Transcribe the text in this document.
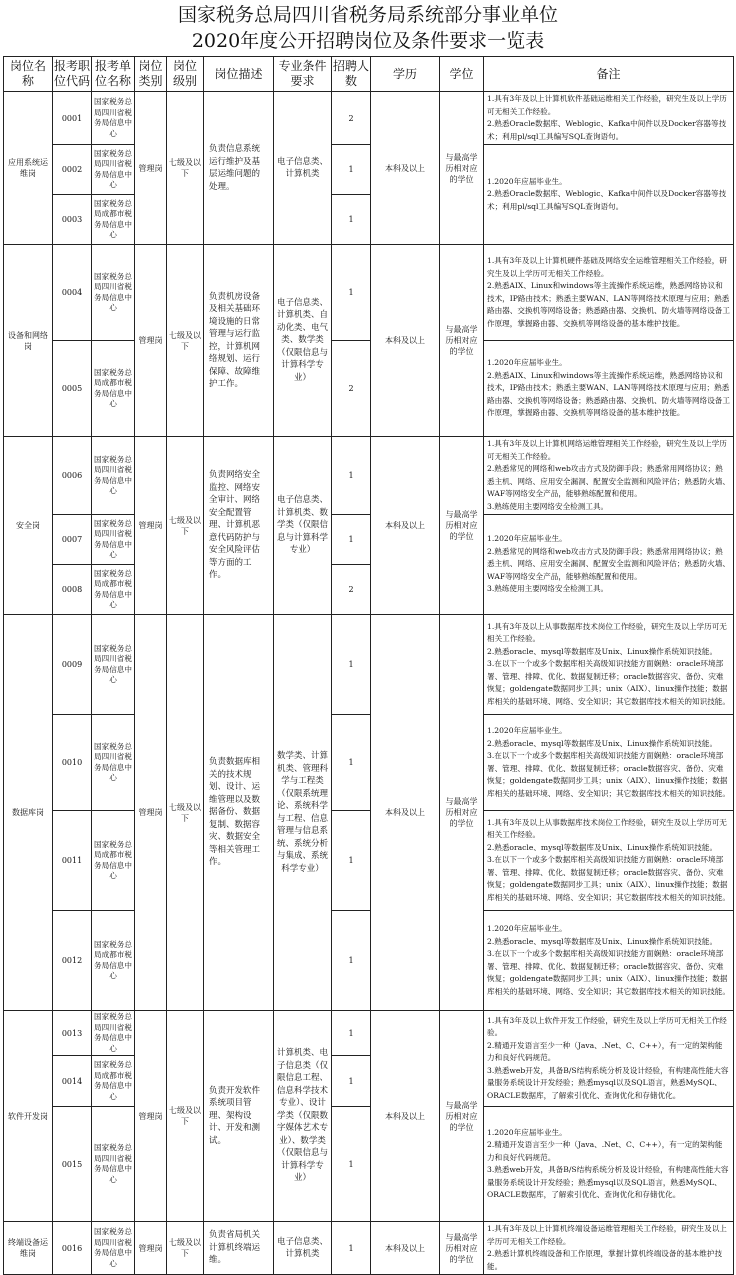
国家税务总局四川省税务局系统部分事业单位
2020年度公开招聘岗位及条件要求一览表
岗位名称	报考职位代码	报考单位名称	岗位类别	岗位级别	岗位描述	专业条件要求	招聘人数	学历	学位	备注
应用系统运维岗	0001	国家税务总局四川省税务局信息中心	管理岗	七级及以下	负责信息系统运行维护及基层运维问题的处理。	电子信息类、计算机类	2	本科及以上	与最高学历相对应的学位	1.具有3年及以上计算机软件基础运维相关工作经验，研究生及以上学历可无相关工作经验。
2.熟悉Oracle数据库、Weblogic、Kafka中间件以及Docker容器等技术；利用pl/sql工具编写SQL查询语句。
	0002	国家税务总局四川省税务局信息中心					1			1.2020年应届毕业生。
2.熟悉Oracle数据库、Weblogic、Kafka中间件以及Docker容器等技术；利用pl/sql工具编写SQL查询语句。
	0003	国家税务总局成都市税务局信息中心					1			
设备和网络岗	0004	国家税务总局四川省税务局信息中心	管理岗	七级及以下	负责机房设备及相关基础环境设施的日常管理与运行监控，计算机网络规划、运行保障、故障维护工作。	电子信息类、计算机类、自动化类、电气类、数学类（仅限信息与计算科学专业）	1	本科及以上	与最高学历相对应的学位	1.具有3年及以上计算机硬件基础及网络安全运维管理相关工作经验，研究生及以上学历可无相关工作经验。
2.熟悉AIX、Linux和windows等主流操作系统运维，熟悉网络协议和技术，IP路由技术；熟悉主要WAN、LAN等网络技术原理与应用；熟悉路由器、交换机等网络设备；熟悉路由器、交换机、防火墙等网络设备工作原理，掌握路由器、交换机等网络设备的基本维护技能。
	0005	国家税务总局成都市税务局信息中心					2			1.2020年应届毕业生。
2.熟悉AIX、Linux和windows等主流操作系统运维，熟悉网络协议和技术，IP路由技术；熟悉主要WAN、LAN等网络技术原理与应用；熟悉路由器、交换机等网络设备；熟悉路由器、交换机、防火墙等网络设备工作原理，掌握路由器、交换机等网络设备的基本维护技能。
安全岗	0006	国家税务总局四川省税务局信息中心	管理岗	七级及以下	负责网络安全监控、网络安全审计、网络安全配置管理、计算机恶意代码防护与安全风险评估等方面的工作。	电子信息类、计算机类、数学类（仅限信息与计算科学专业）	1	本科及以上	与最高学历相对应的学位	1.具有3年及以上计算机网络运维管理相关工作经验，研究生及以上学历可无相关工作经验。
2.熟悉常见的网络和web攻击方式及防御手段；熟悉常用网络协议；熟悉主机、网络、应用安全漏洞、配置安全监测和风险评估；熟悉防火墙、WAF等网络安全产品，能够熟练配置和使用。
3.熟练使用主要网络安全检测工具。
	0007	国家税务总局四川省税务局信息中心					1			1.2020年应届毕业生。
2.熟悉常见的网络和web攻击方式及防御手段；熟悉常用网络协议；熟悉主机、网络、应用安全漏洞、配置安全监测和风险评估；熟悉防火墙、WAF等网络安全产品，能够熟练配置和使用。
3.熟练使用主要网络安全检测工具。
	0008	国家税务总局成都市税务局信息中心					2			
数据库岗	0009	国家税务总局四川省税务局信息中心	管理岗	七级及以下	负责数据库相关的技术规划、设计、运维管理以及数据备份、数据复制、数据容灾、数据安全等相关管理工作。	数学类、计算机类、管理科学与工程类（仅限系统理论、系统科学与工程、信息管理与信息系统、系统分析与集成、系统科学专业）	1	本科及以上	与最高学历相对应的学位	1.具有3年及以上从事数据库技术岗位工作经验，研究生及以上学历可无相关工作经验。
2.熟悉oracle、mysql等数据库及Unix、Linux操作系统知识技能。
3.在以下一个或多个数据库相关高级知识技能方面娴熟：oracle环境部署、管理、排障、优化、数据复制迁移；oracle数据容灾、备份、灾难恢复；goldengate数据同步工具；unix（AIX）、linux操作技能；数据库相关的基础环境、网络、安全知识；其它数据库技术相关的知识技能。
	0010	国家税务总局四川省税务局信息中心					1			1.2020年应届毕业生。
2.熟悉oracle、mysql等数据库及Unix、Linux操作系统知识技能。
3.在以下一个或多个数据库相关高级知识技能方面娴熟：oracle环境部署、管理、排障、优化、数据复制迁移；oracle数据容灾、备份、灾难恢复；goldengate数据同步工具；unix（AIX）、linux操作技能；数据库相关的基础环境、网络、安全知识；其它数据库技术相关的知识技能。
	0011	国家税务总局成都市税务局信息中心					1			1.具有3年及以上从事数据库技术岗位工作经验，研究生及以上学历可无相关工作经验。
2.熟悉oracle、mysql等数据库及Unix、Linux操作系统知识技能。
3.在以下一个或多个数据库相关高级知识技能方面娴熟：oracle环境部署、管理、排障、优化、数据复制迁移；oracle数据容灾、备份、灾难恢复；goldengate数据同步工具；unix（AIX）、linux操作技能；数据库相关的基础环境、网络、安全知识；其它数据库技术相关的知识技能。
	0012	国家税务总局成都市税务局信息中心					1			1.2020年应届毕业生。
2.熟悉oracle、mysql等数据库及Unix、Linux操作系统知识技能。
3.在以下一个或多个数据库相关高级知识技能方面娴熟：oracle环境部署、管理、排障、优化、数据复制迁移；oracle数据容灾、备份、灾难恢复；goldengate数据同步工具；unix（AIX）、linux操作技能；数据库相关的基础环境、网络、安全知识；其它数据库技术相关的知识技能。
软件开发岗	0013	国家税务总局四川省税务局信息中心	管理岗	七级及以下	负责开发软件系统项目管理、架构设计、开发和测试。	计算机类、电子信息类（仅限信息工程、信息科学技术专业）、设计学类（仅限数字媒体艺术专业）、数学类（仅限信息与计算科学专业）	1	本科及以上	与最高学历相对应的学位	1.具有3年及以上软件开发工作经验，研究生及以上学历可无相关工作经验。
2.精通开发语言至少一种（Java、.Net、C、C++），有一定的架构能力和良好代码规范。
3.熟悉web开发，具备B/S结构系统分析及设计经验，有构建高性能大容量服务系统设计开发经验；熟悉mysql以及SQL语言，熟悉MySQL、ORACLE数据库，了解索引优化、查询优化和存储优化。
	0014	国家税务总局成都市税务局信息中心					1			
	0015	国家税务总局四川省税务局信息中心					1			1.2020年应届毕业生。
2.精通开发语言至少一种（Java、.Net、C、C++），有一定的架构能力和良好代码规范。
3.熟悉web开发，具备B/S结构系统分析及设计经验，有构建高性能大容量服务系统设计开发经验；熟悉mysql以及SQL语言，熟悉MySQL、ORACLE数据库，了解索引优化、查询优化和存储优化。
终端设备运维岗	0016	国家税务总局四川省税务局信息中心	管理岗	七级及以下	负责省局机关计算机终端运维。	电子信息类、计算机类	1	本科及以上	与最高学历相对应的学位	1.具有3年及以上计算机终端设备运维管理相关工作经验，研究生及以上学历可无相关工作经验。
2.熟悉计算机终端设备和工作原理，掌握计算机终端设备的基本维护技能。
